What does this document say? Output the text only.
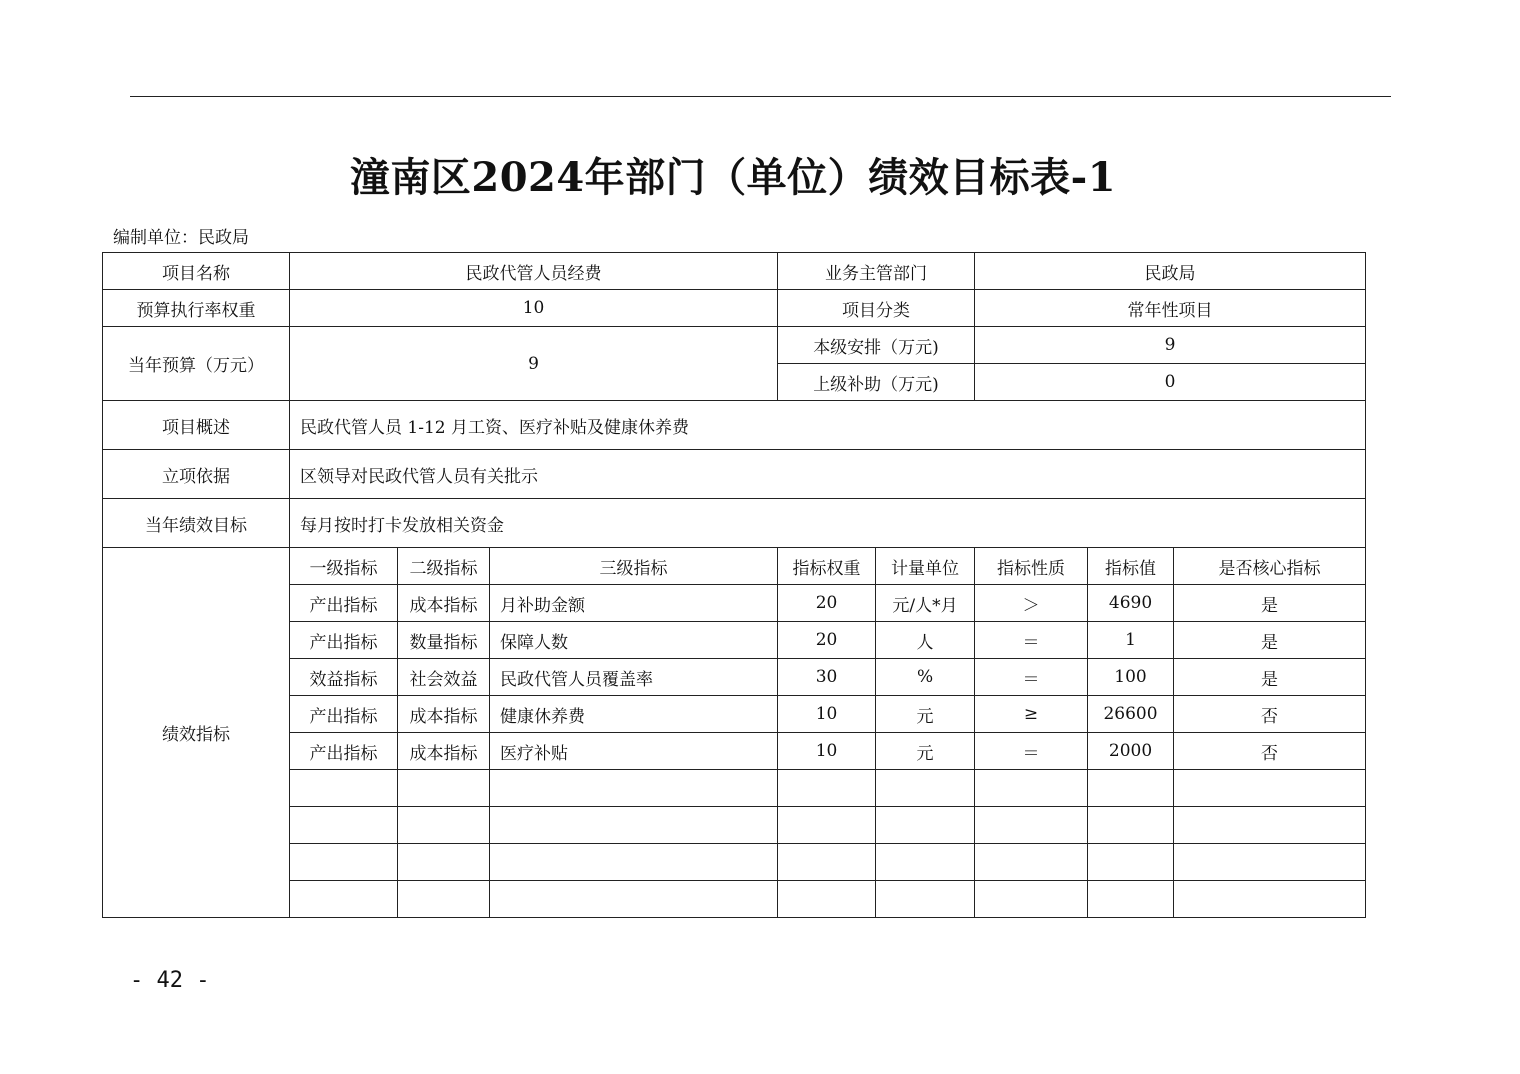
潼南区2024年部门（单位）绩效目标表-1
编制单位：民政局
项目名称	民政代管人员经费			业务主管部门		民政局		
预算执行率权重	10			项目分类		常年性项目		
当年预算（万元）	9			本级安排（万元)		9		
				上级补助（万元)		0		
项目概述	民政代管人员 1-12 月工资、医疗补贴及健康休养费							
立项依据	区领导对民政代管人员有关批示							
当年绩效目标	每月按时打卡发放相关资金							
绩效指标	一级指标	二级指标	三级指标	指标权重	计量单位	指标性质	指标值	是否核心指标
	产出指标	成本指标	月补助金额	20	元/人*月	＞	4690	是
	产出指标	数量指标	保障人数	20	人	＝	1	是
	效益指标	社会效益	民政代管人员覆盖率	30	%	＝	100	是
	产出指标	成本指标	健康休养费	10	元	≥	26600	否
	产出指标	成本指标	医疗补贴	10	元	＝	2000	否

- 42 -
